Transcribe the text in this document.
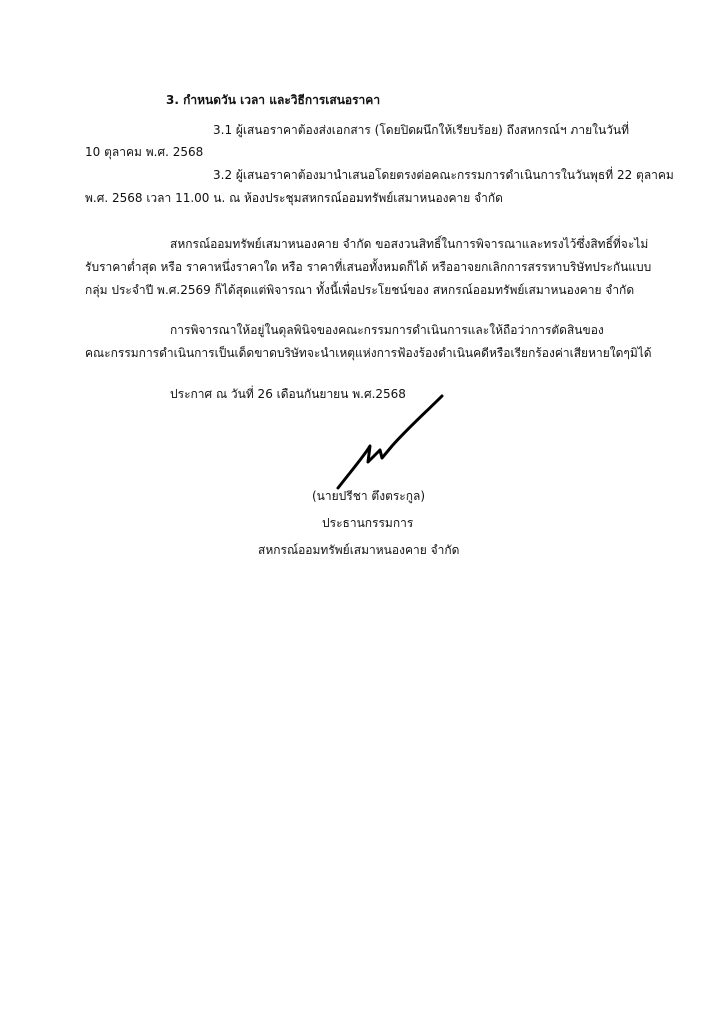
3. กำหนดวัน เวลา และวิธีการเสนอราคา
3.1 ผู้เสนอราคาต้องส่งเอกสาร (โดยปิดผนึกให้เรียบร้อย) ถึงสหกรณ์ฯ ภายในวันที่
10 ตุลาคม พ.ศ. 2568
3.2 ผู้เสนอราคาต้องมานำเสนอโดยตรงต่อคณะกรรมการดำเนินการในวันพุธที่ 22 ตุลาคม
พ.ศ. 2568 เวลา 11.00 น. ณ ห้องประชุมสหกรณ์ออมทรัพย์เสมาหนองคาย จำกัด
สหกรณ์ออมทรัพย์เสมาหนองคาย จำกัด ขอสงวนสิทธิ์ในการพิจารณาและทรงไว้ซึ่งสิทธิ์ที่จะไม่
รับราคาต่ำสุด หรือ ราคาหนึ่งราคาใด หรือ ราคาที่เสนอทั้งหมดก็ได้ หรืออาจยกเลิกการสรรหาบริษัทประกันแบบ
กลุ่ม ประจำปี พ.ศ.2569 ก็ได้สุดแต่พิจารณา ทั้งนี้เพื่อประโยชน์ของ สหกรณ์ออมทรัพย์เสมาหนองคาย จำกัด
การพิจารณาให้อยู่ในดุลพินิจของคณะกรรมการดำเนินการและให้ถือว่าการตัดสินของ
คณะกรรมการดำเนินการเป็นเด็ดขาดบริษัทจะนำเหตุแห่งการฟ้องร้องดำเนินคดีหรือเรียกร้องค่าเสียหายใดๆมิได้
ประกาศ ณ วันที่ 26 เดือนกันยายน พ.ศ.2568
(นายปรีชา ตึงตระกูล)
ประธานกรรมการ
สหกรณ์ออมทรัพย์เสมาหนองคาย จำกัด
